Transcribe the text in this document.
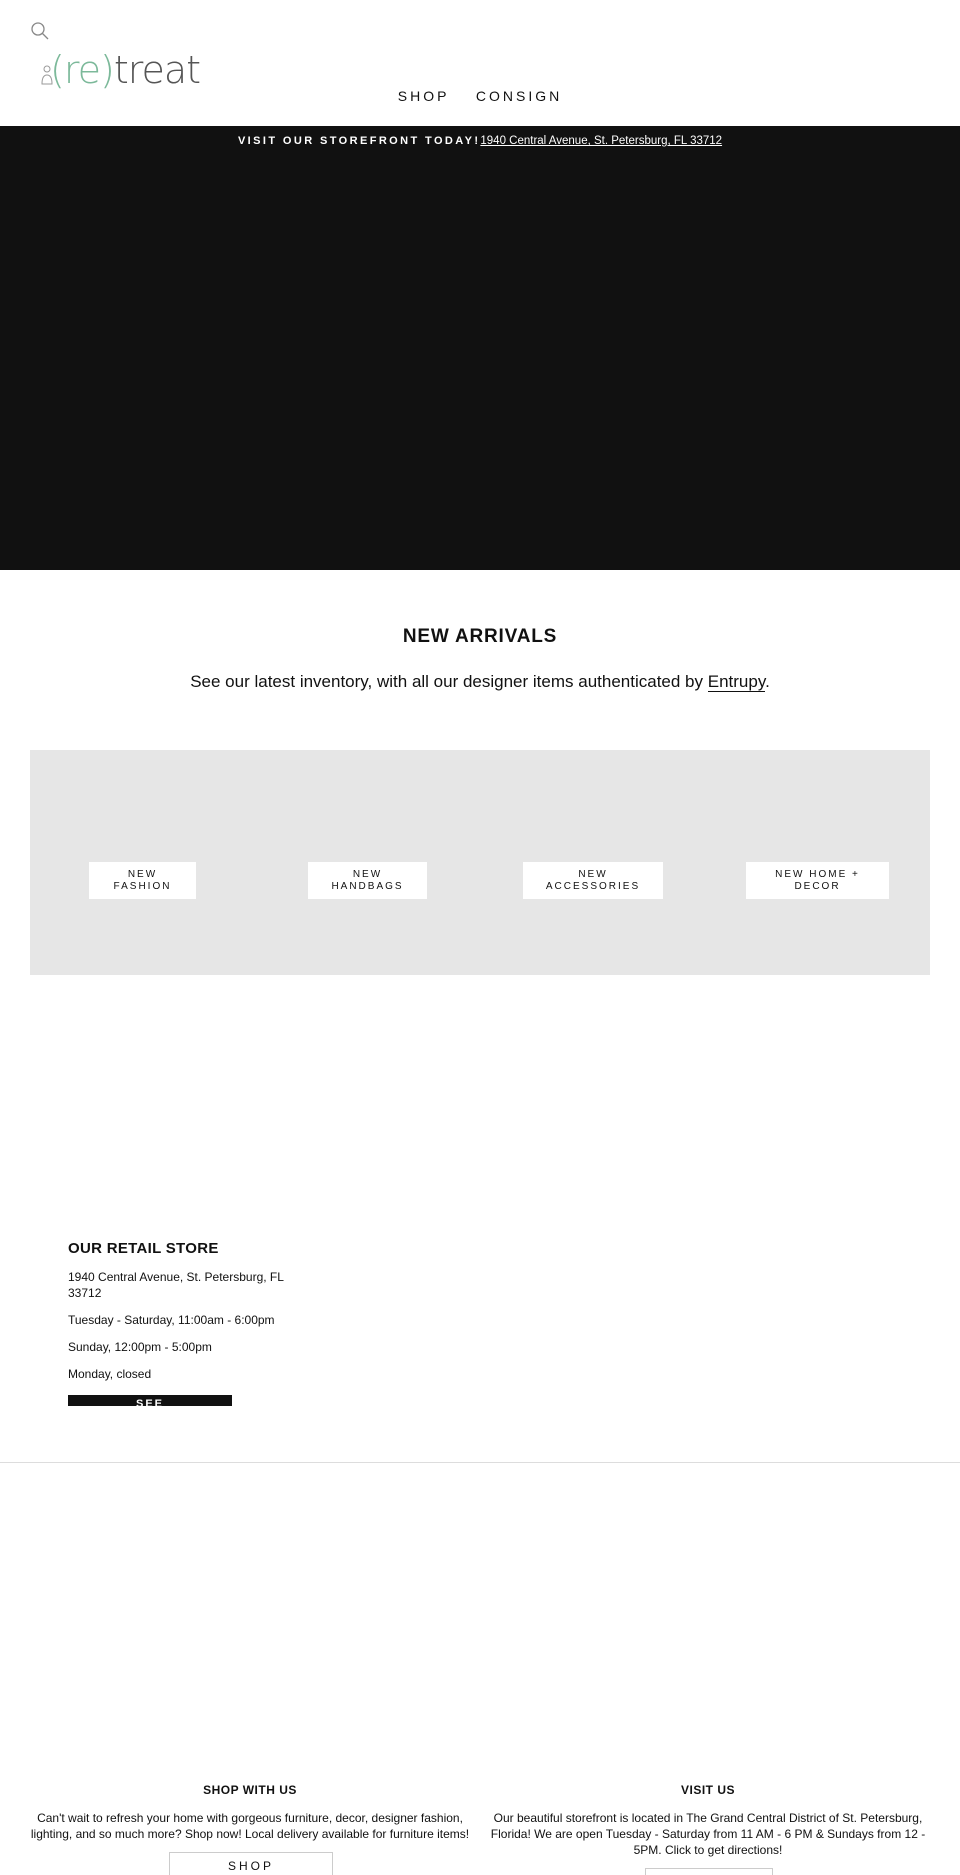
(re)treat
SHOP CONSIGN
VISIT OUR STOREFRONT TODAY!1940 Central Avenue, St. Petersburg, FL 33712
NEW ARRIVALS

See our latest inventory, with all our designer items authenticated by Entrupy.

NEW
FASHION
NEW
HANDBAGS
NEW
ACCESSORIES
NEW HOME +
DECOR
OUR RETAIL STORE

1940 Central Avenue, St. Petersburg, FL 33712

Tuesday - Saturday, 11:00am - 6:00pm

Sunday, 12:00pm - 5:00pm

Monday, closed

SEE
SHOP WITH US

Can't wait to refresh your home with gorgeous furniture, decor, designer fashion, lighting, and so much more? Shop now! Local delivery available for furniture items!

SHOP
VISIT US

Our beautiful storefront is located in The Grand Central District of St. Petersburg, Florida! We are open Tuesday - Saturday from 11 AM - 6 PM & Sundays from 12 - 5PM. Click to get directions!
